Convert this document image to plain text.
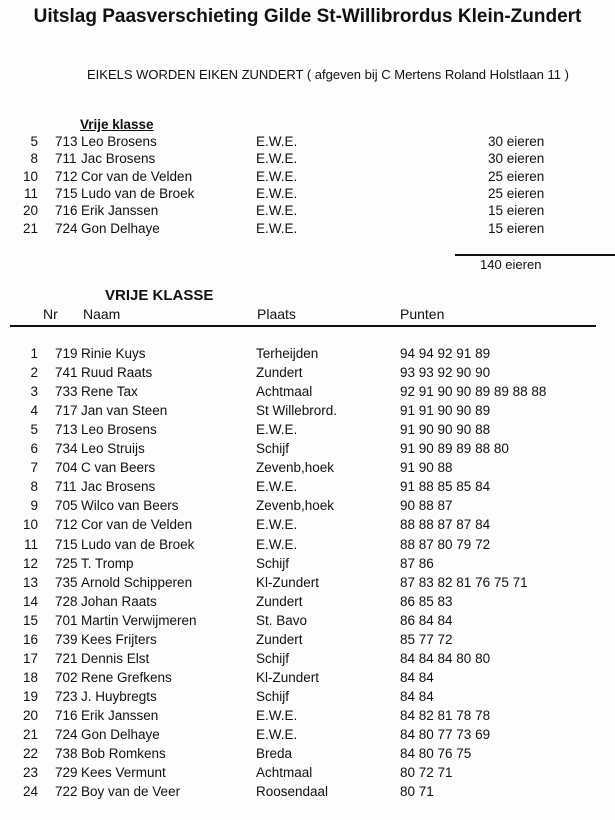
Uitslag Paasverschieting Gilde St-Willibrordus Klein-Zundert
EIKELS WORDEN EIKEN ZUNDERT ( afgeven bij C Mertens Roland Holstlaan 11 )
Vrije klasse
5 713 Leo Brosens	E.W.E.	30 eieren
8 711 Jac Brosens	E.W.E.	30 eieren
10 712 Cor van de Velden	E.W.E.	25 eieren
11 715 Ludo van de Broek	E.W.E.	25 eieren
20 716 Erik Janssen	E.W.E.	15 eieren
21 724 Gon Delhaye	E.W.E.	15 eieren
140 eieren
VRIJE KLASSE
Nr Naam	Plaats	Punten
1 719 Rinie Kuys	Terheijden	94 94 92 91 89
2 741 Ruud Raats	Zundert	93 93 92 90 90
3 733 Rene Tax	Achtmaal	92 91 90 90 89 89 88 88
4 717 Jan van Steen	St Willebrord.	91 91 90 90 89
5 713 Leo Brosens	E.W.E.	91 90 90 90 88
6 734 Leo Struijs	Schijf	91 90 89 89 88 80
7 704 C van Beers	Zevenb,hoek	91 90 88
8 711 Jac Brosens	E.W.E.	91 88 85 85 84
9 705 Wilco van Beers	Zevenb,hoek	90 88 87
10 712 Cor van de Velden	E.W.E.	88 88 87 87 84
11 715 Ludo van de Broek	E.W.E.	88 87 80 79 72
12 725 T. Tromp	Schijf	87 86
13 735 Arnold Schipperen	Kl-Zundert	87 83 82 81 76 75 71
14 728 Johan Raats	Zundert	86 85 83
15 701 Martin Verwijmeren	St. Bavo	86 84 84
16 739 Kees Frijters	Zundert	85 77 72
17 721 Dennis Elst	Schijf	84 84 84 80 80
18 702 Rene Grefkens	Kl-Zundert	84 84
19 723 J. Huybregts	Schijf	84 84
20 716 Erik Janssen	E.W.E.	84 82 81 78 78
21 724 Gon Delhaye	E.W.E.	84 80 77 73 69
22 738 Bob Romkens	Breda	84 80 76 75
23 729 Kees Vermunt	Achtmaal	80 72 71
24 722 Boy van de Veer	Roosendaal	80 71
